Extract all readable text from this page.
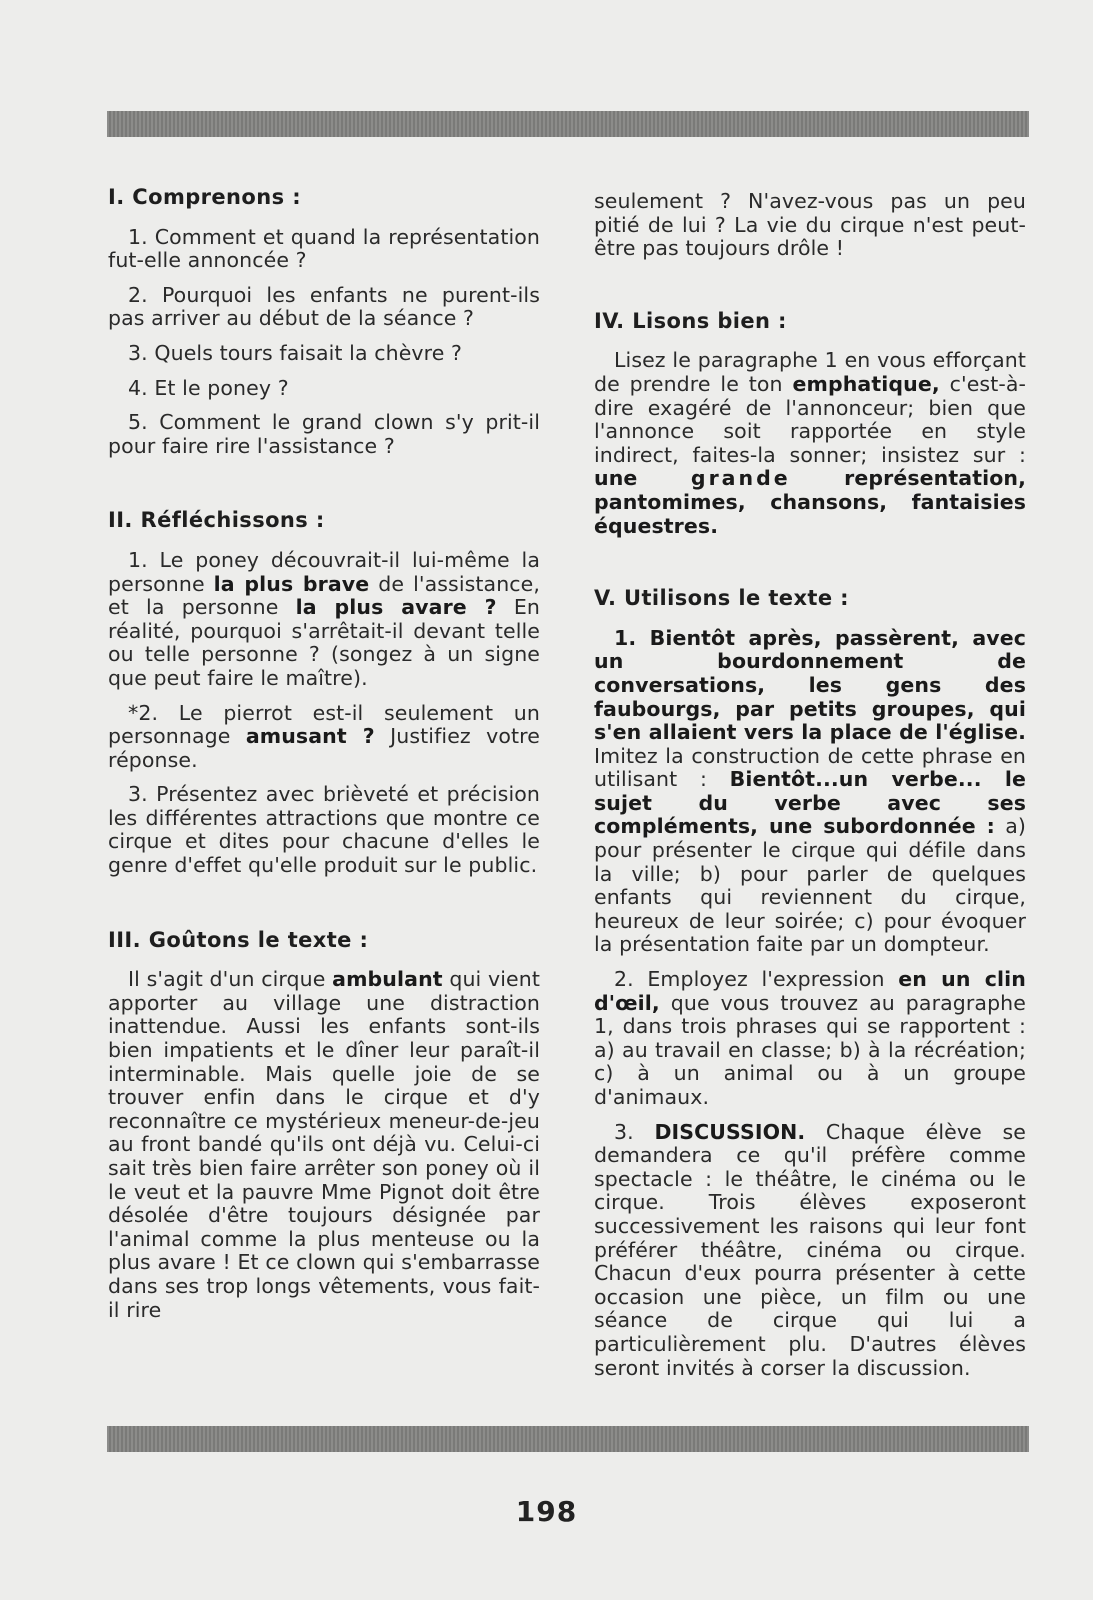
I. Comprenons :

1. Comment et quand la représentation fut-elle annoncée ?

2. Pourquoi les enfants ne purent-ils pas arriver au début de la séance ?

3. Quels tours faisait la chèvre ?

4. Et le poney ?

5. Comment le grand clown s'y prit-il pour faire rire l'assistance ?

II. Réfléchissons :

1. Le poney découvrait-il lui-même la personne la plus brave de l'assistance, et la personne la plus avare ? En réalité, pourquoi s'arrêtait-il devant telle ou telle personne ? (songez à un signe que peut faire le maître).

*2. Le pierrot est-il seulement un personnage amusant ? Justifiez votre réponse.

3. Présentez avec brièveté et précision les différentes attractions que montre ce cirque et dites pour chacune d'elles le genre d'effet qu'elle produit sur le public.

III. Goûtons le texte :

Il s'agit d'un cirque ambulant qui vient apporter au village une distraction inattendue. Aussi les enfants sont-ils bien impatients et le dîner leur paraît-il interminable. Mais quelle joie de se trouver enfin dans le cirque et d'y reconnaître ce mystérieux meneur-de-jeu au front bandé qu'ils ont déjà vu. Celui-ci sait très bien faire arrêter son poney où il le veut et la pauvre Mme Pignot doit être désolée d'être toujours désignée par l'animal comme la plus menteuse ou la plus avare ! Et ce clown qui s'embarrasse dans ses trop longs vêtements, vous fait-il rire

seulement ? N'avez-vous pas un peu pitié de lui ? La vie du cirque n'est peut-être pas toujours drôle !

IV. Lisons bien :

Lisez le paragraphe 1 en vous efforçant de prendre le ton emphatique, c'est-à-dire exagéré de l'annonceur; bien que l'annonce soit rapportée en style indirect, faites-la sonner; insistez sur : une	grande	représentation, pantomimes, chansons, fantaisies équestres.

V. Utilisons le texte :

1. Bientôt après, passèrent, avec un bourdonnement de conversations, les gens des faubourgs, par petits groupes, qui s'en allaient vers la place de l'église. Imitez la construction de cette phrase en utilisant : Bientôt...un verbe... le sujet du verbe avec ses compléments, une subordonnée : a) pour présenter le cirque qui défile dans la ville; b) pour parler de quelques enfants qui reviennent du cirque, heureux de leur soirée; c) pour évoquer la présentation faite par un dompteur.

2. Employez l'expression en un clin d'œil, que vous trouvez au paragraphe 1, dans trois phrases qui se rapportent : a) au travail en classe; b) à la récréation; c) à un animal ou à un groupe d'animaux.

3. DISCUSSION. Chaque élève se demandera ce qu'il préfère comme spectacle : le théâtre, le cinéma ou le cirque. Trois élèves exposeront successivement les raisons qui leur font préférer théâtre, cinéma ou cirque. Chacun d'eux pourra présenter à cette occasion une pièce, un film ou une séance de cirque qui lui a particulièrement plu. D'autres élèves seront invités à corser la discussion.

198
